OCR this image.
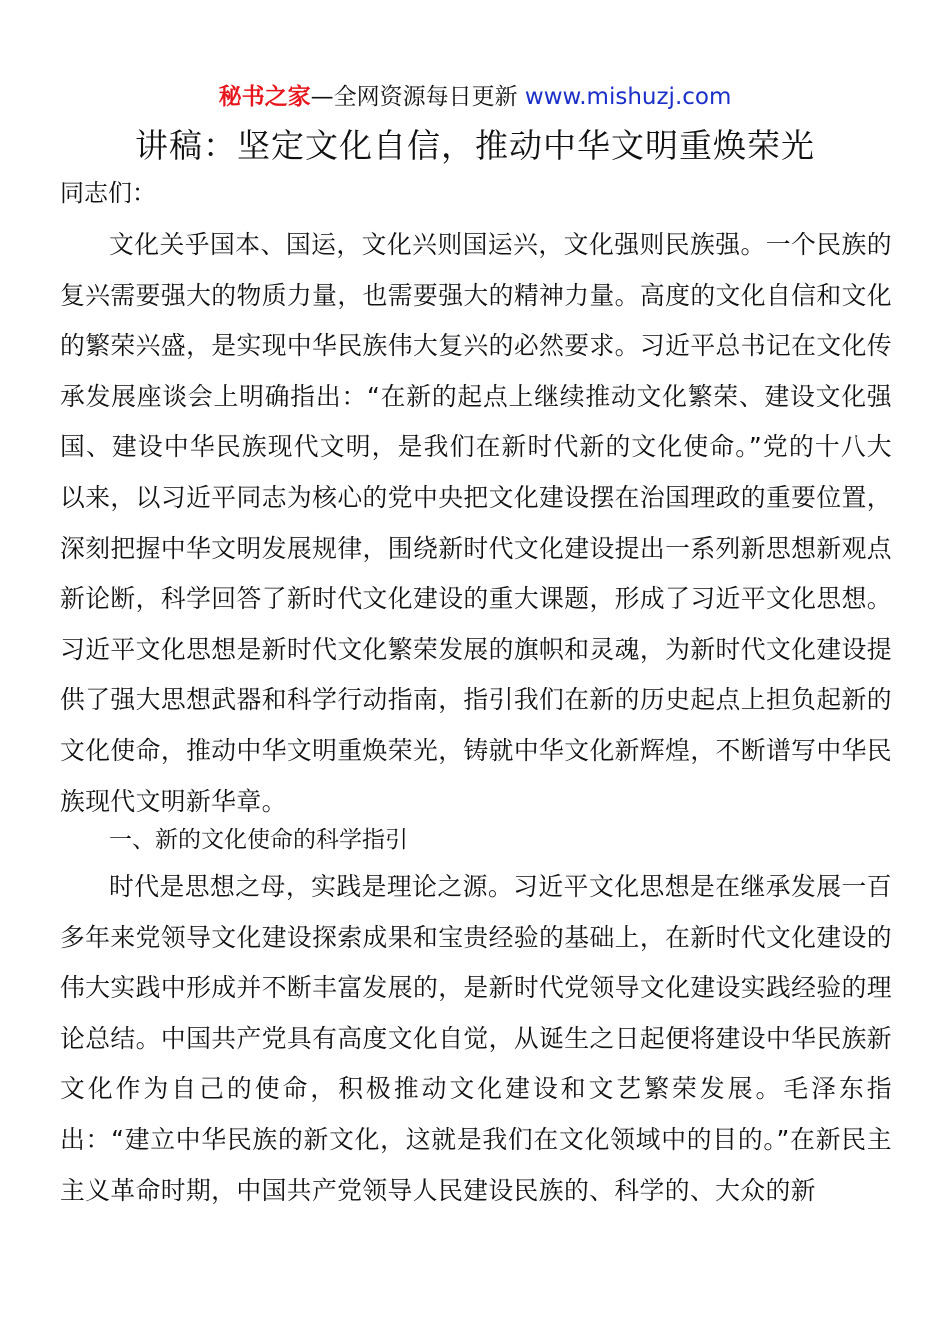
秘书之家—全网资源每日更新 www.mishuzj.com
讲稿：坚定文化自信，推动中华文明重焕荣光
同志们：

文化关乎国本、国运，文化兴则国运兴，文化强则民族强。一个民族的复兴需要强大的物质力量，也需要强大的精神力量。高度的文化自信和文化的繁荣兴盛，是实现中华民族伟大复兴的必然要求。习近平总书记在文化传承发展座谈会上明确指出：“在新的起点上继续推动文化繁荣、建设文化强国、建设中华民族现代文明，是我们在新时代新的文化使命。”党的十八大以来，以习近平同志为核心的党中央把文化建设摆在治国理政的重要位置，深刻把握中华文明发展规律，围绕新时代文化建设提出一系列新思想新观点新论断，科学回答了新时代文化建设的重大课题，形成了习近平文化思想。习近平文化思想是新时代文化繁荣发展的旗帜和灵魂，为新时代文化建设提供了强大思想武器和科学行动指南，指引我们在新的历史起点上担负起新的文化使命，推动中华文明重焕荣光，铸就中华文化新辉煌，不断谱写中华民族现代文明新华章。

一、新的文化使命的科学指引

时代是思想之母，实践是理论之源。习近平文化思想是在继承发展一百多年来党领导文化建设探索成果和宝贵经验的基础上，在新时代文化建设的伟大实践中形成并不断丰富发展的，是新时代党领导文化建设实践经验的理论总结。中国共产党具有高度文化自觉，从诞生之日起便将建设中华民族新文化作为自己的使命，积极推动文化建设和文艺繁荣发展。毛泽东指出：“建立中华民族的新文化，这就是我们在文化领域中的目的。”在新民主主义革命时期，中国共产党领导人民建设民族的、科学的、大众的新
